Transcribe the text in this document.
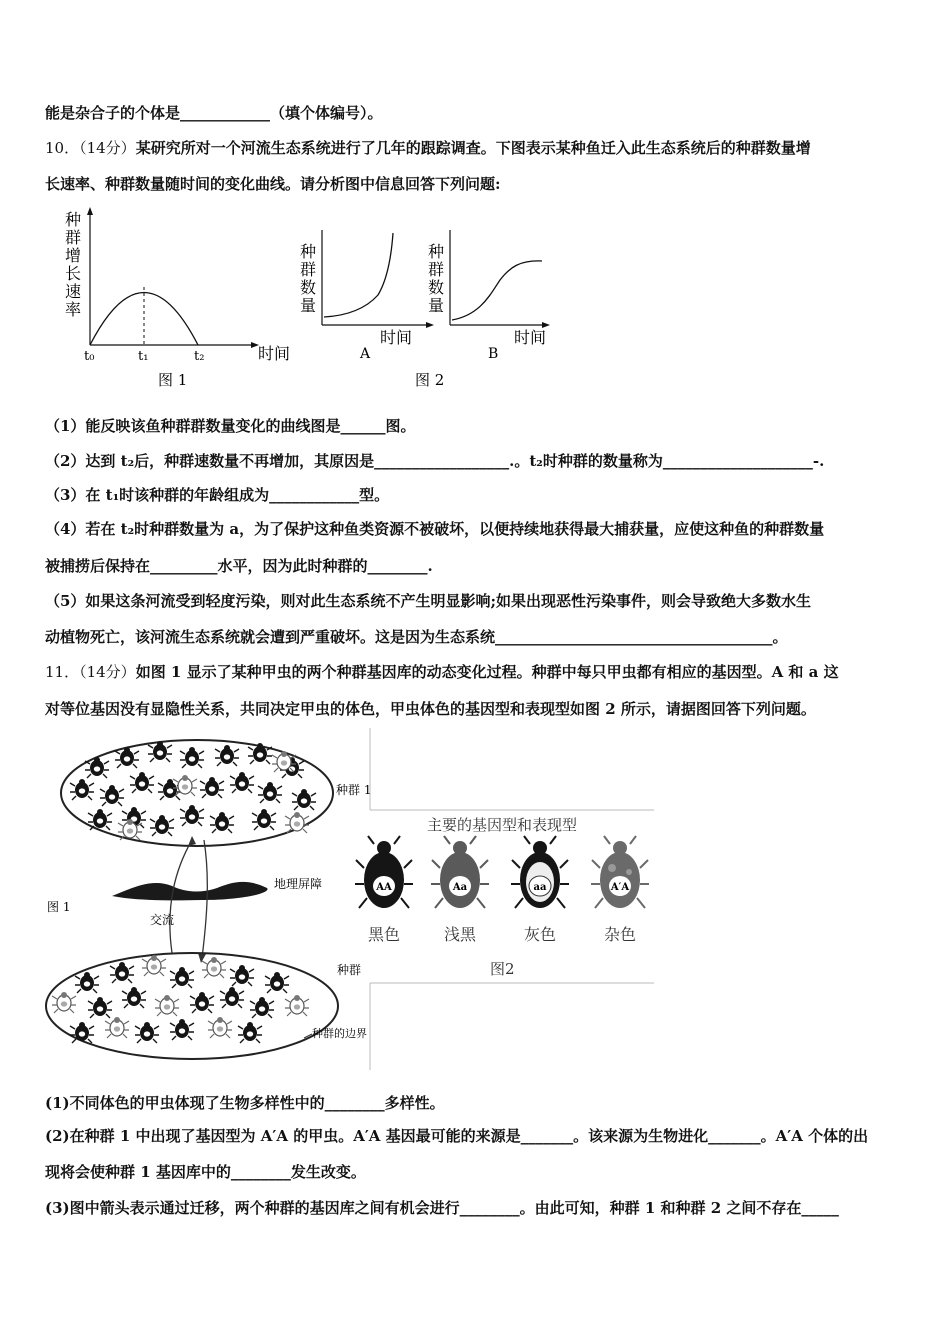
能是杂合子的个体是____________（填个体编号）。
10．（14分）某研究所对一个河流生态系统进行了几年的跟踪调查。下图表示某种鱼迁入此生态系统后的种群数量增
长速率、种群数量随时间的变化曲线。请分析图中信息回答下列问题:
种
群
增
长
速
率
t₀	t₁	t₂	时间
图 1
种
群
数
量
时间
A
种
群
数
量
时间
B
图 2
（1）能反映该鱼种群群数量变化的曲线图是______图。
（2）达到 t₂后，种群速数量不再增加，其原因是__________________.。t₂时种群的数量称为____________________-.
（3）在 t₁时该种群的年龄组成为____________型。
（4）若在 t₂时种群数量为 a，为了保护这种鱼类资源不被破坏，以便持续地获得最大捕获量，应使这种鱼的种群数量
被捕捞后保持在_________水平，因为此时种群的________.
（5）如果这条河流受到轻度污染，则对此生态系统不产生明显影响;如果出现恶性污染事件，则会导致绝大多数水生
动植物死亡，该河流生态系统就会遭到严重破坏。这是因为生态系统_____________________________________。
11．（14分）如图 1 显示了某种甲虫的两个种群基因库的动态变化过程。种群中每只甲虫都有相应的基因型。A 和 a 这
对等位基因没有显隐性关系，共同决定甲虫的体色，甲虫体色的基因型和表现型如图 2 所示，请据图回答下列问题。
种群 1
地理屏障
图 1
交流
种群
种群的边界
主要的基因型和表现型
AA	Aa	aa	A′A
黑色	浅黑	灰色	杂色
图2
(1)不同体色的甲虫体现了生物多样性中的________多样性。
(2)在种群 1 中出现了基因型为 A′A 的甲虫。A′A 基因最可能的来源是_______。该来源为生物进化_______。A′A 个体的出
现将会使种群 1 基因库中的________发生改变。
(3)图中箭头表示通过迁移，两个种群的基因库之间有机会进行________。由此可知，种群 1 和种群 2 之间不存在_____
